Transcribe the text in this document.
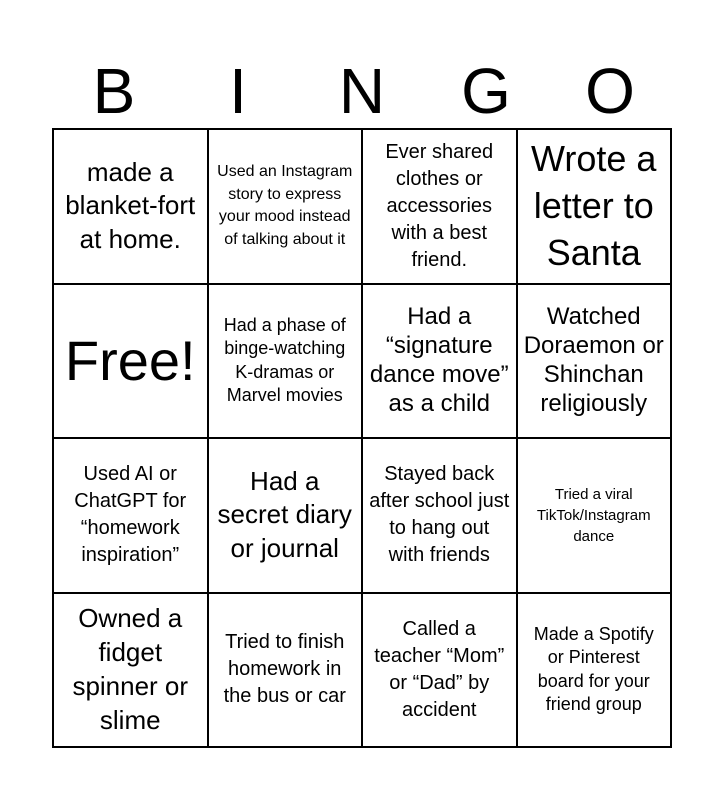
B	I	N	G	O
made a blanket-fort at home.
Used an Instagram story to express your mood instead of talking about it
Ever shared clothes or accessories with a best friend.
Wrote a letter to Santa
Free!
Had a phase of binge-watching K-dramas or Marvel movies
Had a “signature dance move” as a child
Watched Doraemon or Shinchan religiously
Used AI or ChatGPT for “homework inspiration”
Had a secret diary or journal
Stayed back after school just to hang out with friends
Tried a viral TikTok/Instagram dance
Owned a fidget spinner or slime
Tried to finish homework in the bus or car
Called a teacher “Mom” or “Dad” by accident
Made a Spotify or Pinterest board for your friend group
